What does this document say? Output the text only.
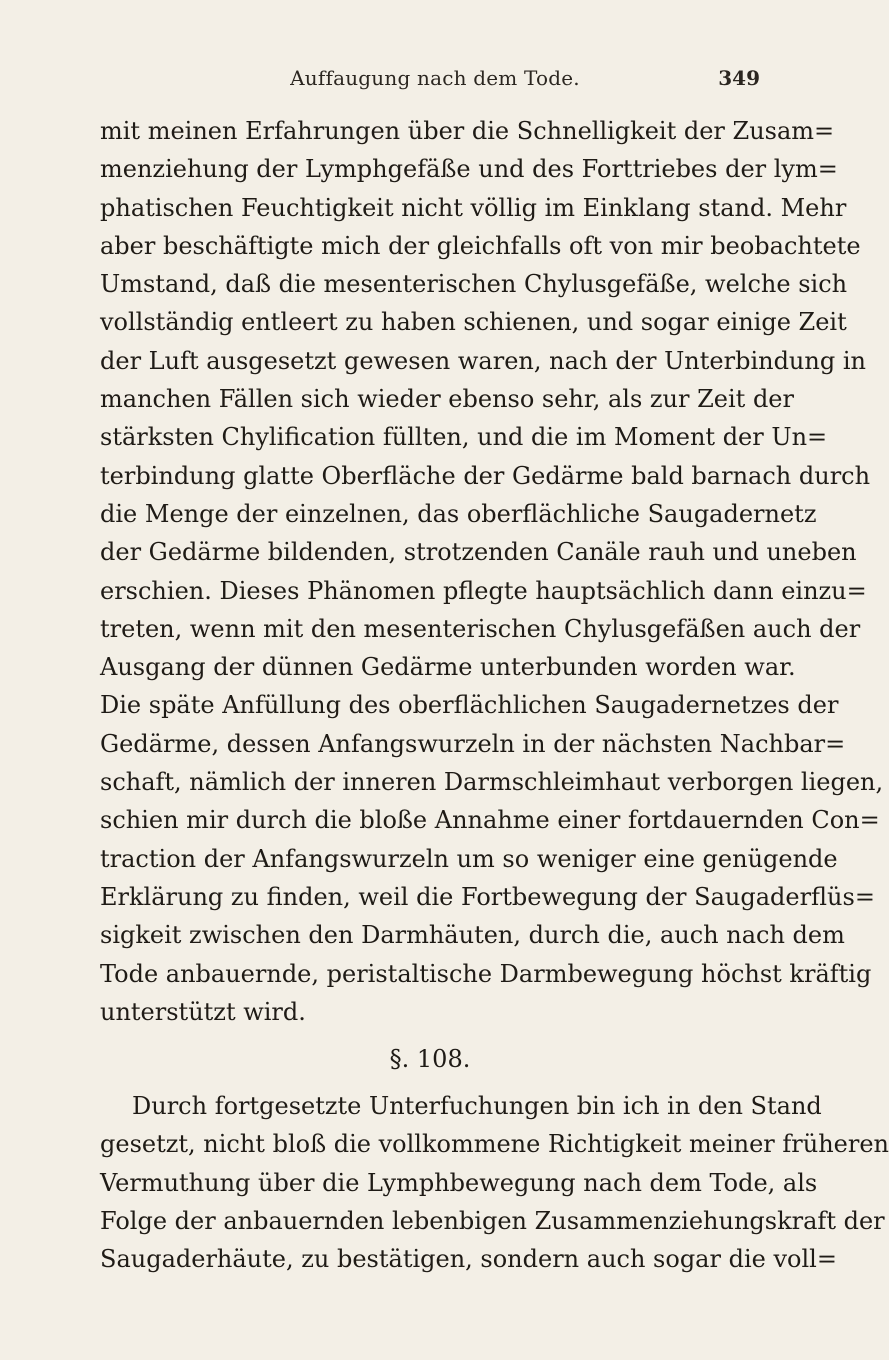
Auffaugung nach dem Tode.	349
mit meinen Erfahrungen über die Schnelligkeit der Zusam=
menziehung der Lymphgefäße und des Forttriebes der lym=
phatischen Feuchtigkeit nicht völlig im Einklang stand. Mehr
aber beschäftigte mich der gleichfalls oft von mir beobachtete
Umstand, daß die mesenterischen Chylusgefäße, welche sich
vollständig entleert zu haben schienen, und sogar einige Zeit
der Luft ausgesetzt gewesen waren, nach der Unterbindung in
manchen Fällen sich wieder ebenso sehr, als zur Zeit der
stärksten Chylification füllten, und die im Moment der Un=
terbindung glatte Oberfläche der Gedärme bald barnach durch
die Menge der einzelnen, das oberflächliche Saugadernetz
der Gedärme bildenden, strotzenden Canäle rauh und uneben
erschien. Dieses Phänomen pflegte hauptsächlich dann einzu=
treten, wenn mit den mesenterischen Chylusgefäßen auch der
Ausgang der dünnen Gedärme unterbunden worden war.
Die späte Anfüllung des oberflächlichen Saugadernetzes der
Gedärme, dessen Anfangswurzeln in der nächsten Nachbar=
schaft, nämlich der inneren Darmschleimhaut verborgen liegen,
schien mir durch die bloße Annahme einer fortdauernden Con=
traction der Anfangswurzeln um so weniger eine genügende
Erklärung zu finden, weil die Fortbewegung der Saugaderflüs=
sigkeit zwischen den Darmhäuten, durch die, auch nach dem
Tode anbauernde, peristaltische Darmbewegung höchst kräftig
unterstützt wird.
§. 108.
Durch fortgesetzte Unterfuchungen bin ich in den Stand
gesetzt, nicht bloß die vollkommene Richtigkeit meiner früheren
Vermuthung über die Lymphbewegung nach dem Tode, als
Folge der anbauernden lebenbigen Zusammenziehungskraft der
Saugaderhäute, zu bestätigen, sondern auch sogar die voll=
